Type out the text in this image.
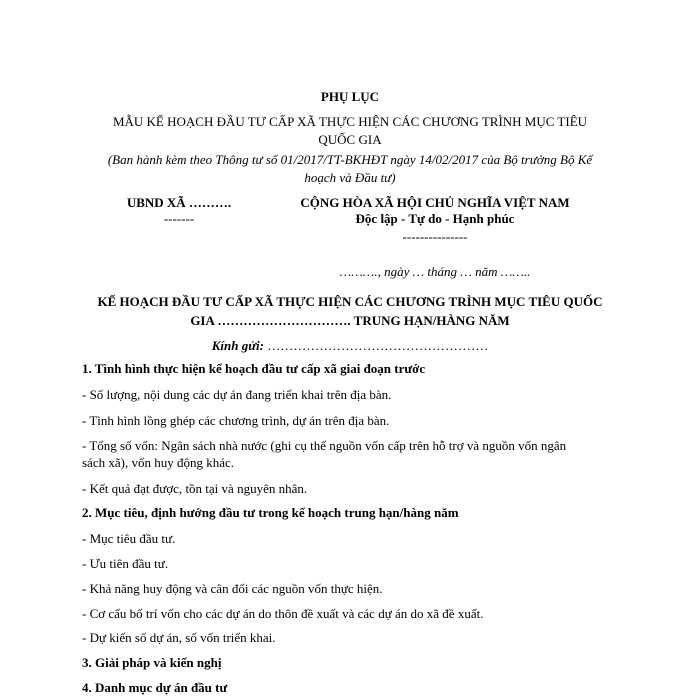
PHỤ LỤC
MẪU KẾ HOẠCH ĐẦU TƯ CẤP XÃ THỰC HIỆN CÁC CHƯƠNG TRÌNH MỤC TIÊU
QUỐC GIA
(Ban hành kèm theo Thông tư số 01/2017/TT-BKHĐT ngày 14/02/2017 của Bộ trưởng Bộ Kế
hoạch và Đầu tư)
UBND XÃ ……….
-------
CỘNG HÒA XÃ HỘI CHỦ NGHĨA VIỆT NAM
Độc lập - Tự do - Hạnh phúc
---------------
………., ngày … tháng … năm ……..
KẾ HOẠCH ĐẦU TƯ CẤP XÃ THỰC HIỆN CÁC CHƯƠNG TRÌNH MỤC TIÊU QUỐC
GIA …………………………. TRUNG HẠN/HÀNG NĂM
Kính gửi: ……………………………………………
1. Tình hình thực hiện kế hoạch đầu tư cấp xã giai đoạn trước
- Số lượng, nội dung các dự án đang triển khai trên địa bàn.
- Tình hình lồng ghép các chương trình, dự án trên địa bàn.
- Tổng số vốn: Ngân sách nhà nước (ghi cụ thể nguồn vốn cấp trên hỗ trợ và nguồn vốn ngân
sách xã), vốn huy động khác.
- Kết quả đạt được, tồn tại và nguyên nhân.
2. Mục tiêu, định hướng đầu tư trong kế hoạch trung hạn/hàng năm
- Mục tiêu đầu tư.
- Ưu tiên đầu tư.
- Khả năng huy động và cân đối các nguồn vốn thực hiện.
- Cơ cấu bố trí vốn cho các dự án do thôn đề xuất và các dự án do xã đề xuất.
- Dự kiến số dự án, số vốn triển khai.
3. Giải pháp và kiến nghị
4. Danh mục dự án đầu tư
